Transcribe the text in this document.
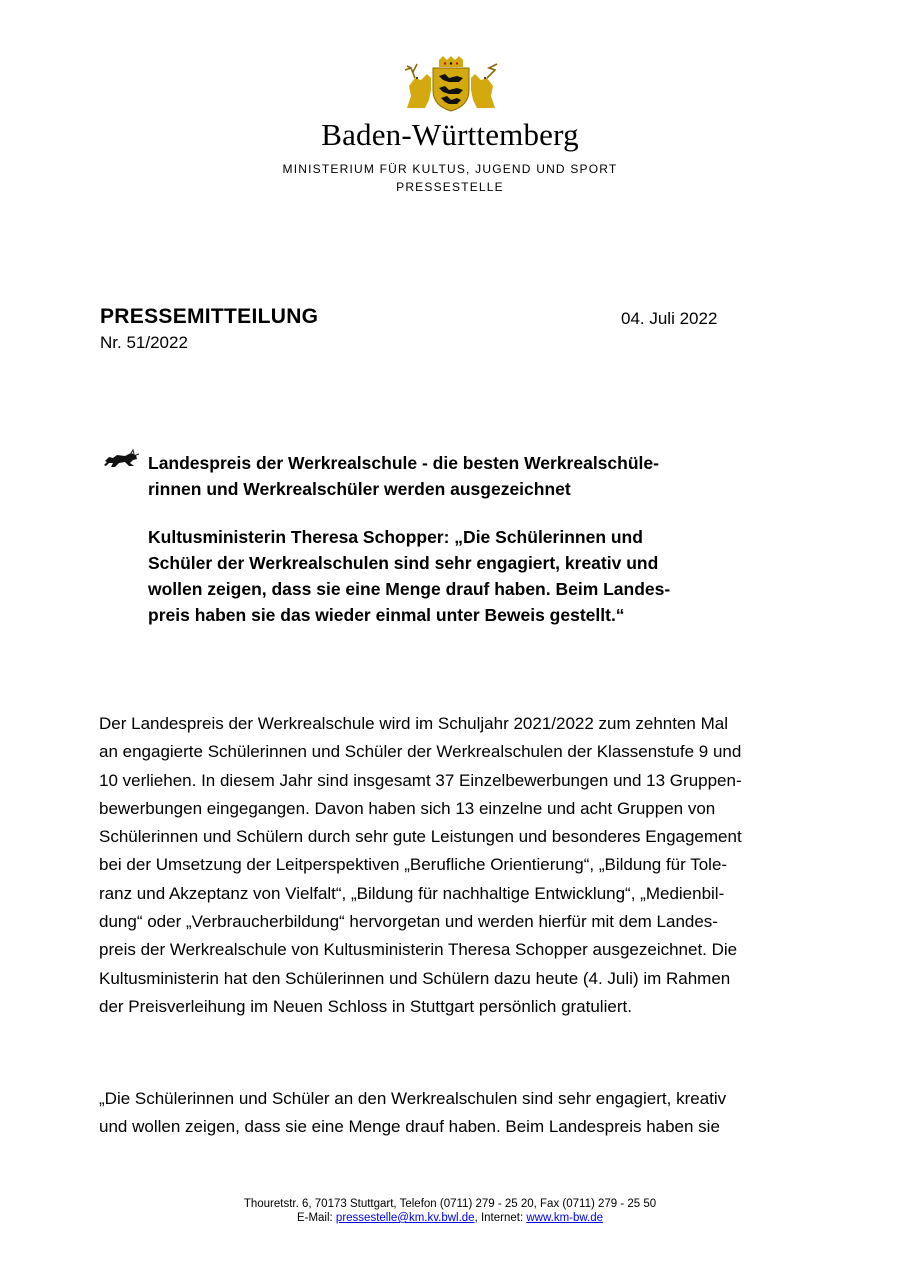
Baden-Württemberg
MINISTERIUM FÜR KULTUS, JUGEND UND SPORT
PRESSESTELLE
PRESSEMITTEILUNG	04. Juli 2022
Nr. 51/2022
Landespreis der Werkrealschule - die besten Werkrealschüle-
rinnen und Werkrealschüler werden ausgezeichnet
Kultusministerin Theresa Schopper: „Die Schülerinnen und
Schüler der Werkrealschulen sind sehr engagiert, kreativ und
wollen zeigen, dass sie eine Menge drauf haben. Beim Landes-
preis haben sie das wieder einmal unter Beweis gestellt.“
Der Landespreis der Werkrealschule wird im Schuljahr 2021/2022 zum zehnten Mal
an engagierte Schülerinnen und Schüler der Werkrealschulen der Klassenstufe 9 und
10 verliehen. In diesem Jahr sind insgesamt 37 Einzelbewerbungen und 13 Gruppen-
bewerbungen eingegangen. Davon haben sich 13 einzelne und acht Gruppen von
Schülerinnen und Schülern durch sehr gute Leistungen und besonderes Engagement
bei der Umsetzung der Leitperspektiven „Berufliche Orientierung“, „Bildung für Tole-
ranz und Akzeptanz von Vielfalt“, „Bildung für nachhaltige Entwicklung“, „Medienbil-
dung“ oder „Verbraucherbildung“ hervorgetan und werden hierfür mit dem Landes-
preis der Werkrealschule von Kultusministerin Theresa Schopper ausgezeichnet. Die
Kultusministerin hat den Schülerinnen und Schülern dazu heute (4. Juli) im Rahmen
der Preisverleihung im Neuen Schloss in Stuttgart persönlich gratuliert.
„Die Schülerinnen und Schüler an den Werkrealschulen sind sehr engagiert, kreativ
und wollen zeigen, dass sie eine Menge drauf haben. Beim Landespreis haben sie
Thouretstr. 6, 70173 Stuttgart, Telefon (0711) 279 - 25 20, Fax (0711) 279 - 25 50
E-Mail: pressestelle@km.kv.bwl.de, Internet: www.km-bw.de
